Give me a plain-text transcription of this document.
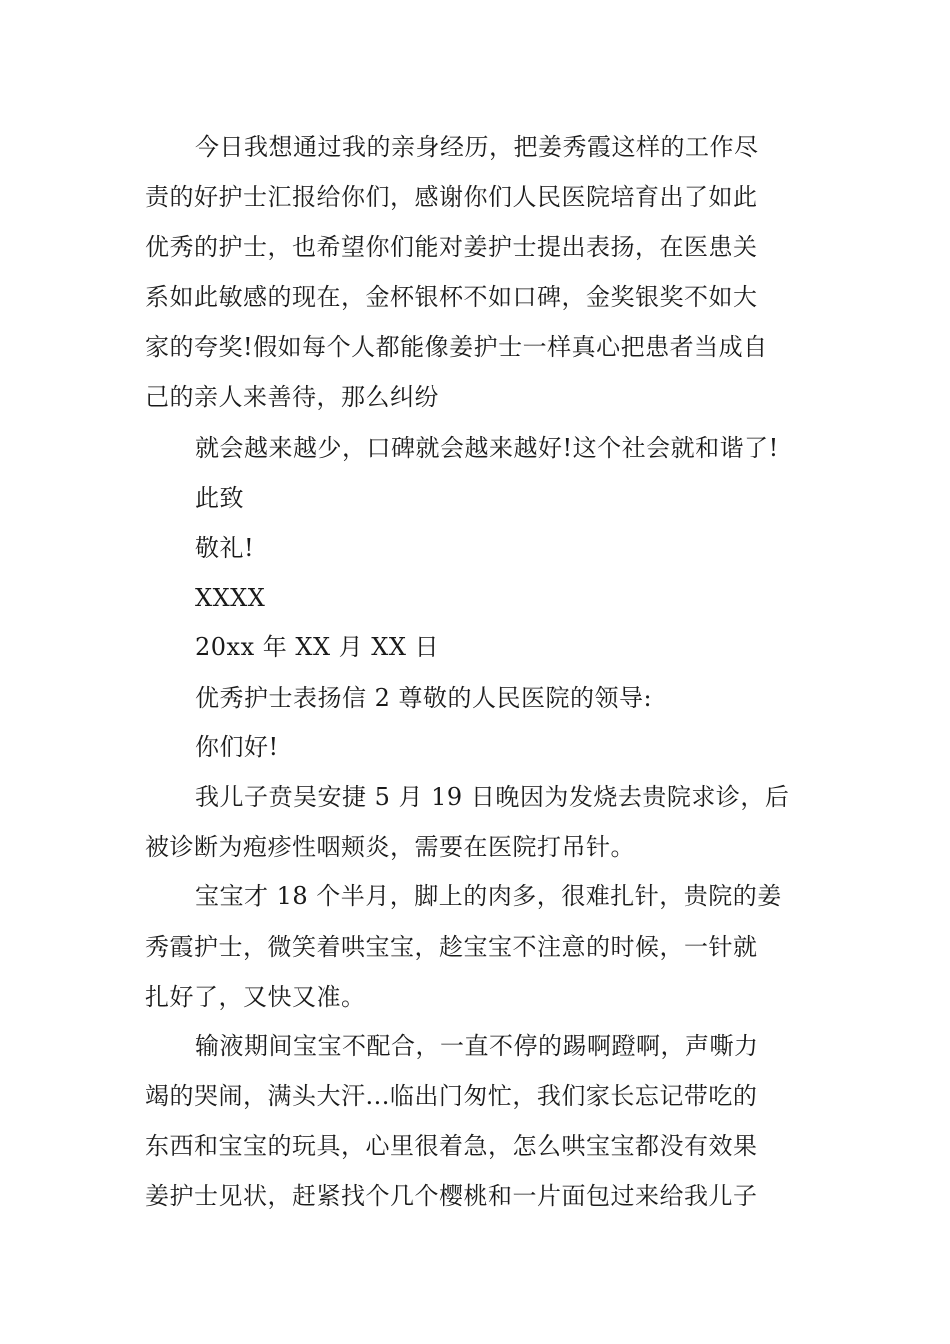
今日我想通过我的亲身经历，把姜秀霞这样的工作尽
责的好护士汇报给你们，感谢你们人民医院培育出了如此
优秀的护士，也希望你们能对姜护士提出表扬，在医患关
系如此敏感的现在，金杯银杯不如口碑，金奖银奖不如大
家的夸奖!假如每个人都能像姜护士一样真心把患者当成自
己的亲人来善待，那么纠纷
就会越来越少，口碑就会越来越好!这个社会就和谐了!
此致
敬礼!
XXXX
20xx 年 XX 月 XX 日
优秀护士表扬信 2 尊敬的人民医院的领导:
你们好!
我儿子贲吴安捷 5 月 19 日晚因为发烧去贵院求诊，后
被诊断为疱疹性咽颊炎，需要在医院打吊针。
宝宝才 18 个半月，脚上的肉多，很难扎针，贵院的姜
秀霞护士，微笑着哄宝宝，趁宝宝不注意的时候，一针就
扎好了，又快又准。
输液期间宝宝不配合，一直不停的踢啊蹬啊，声嘶力
竭的哭闹，满头大汗...临出门匆忙，我们家长忘记带吃的
东西和宝宝的玩具，心里很着急，怎么哄宝宝都没有效果
姜护士见状，赶紧找个几个樱桃和一片面包过来给我儿子
